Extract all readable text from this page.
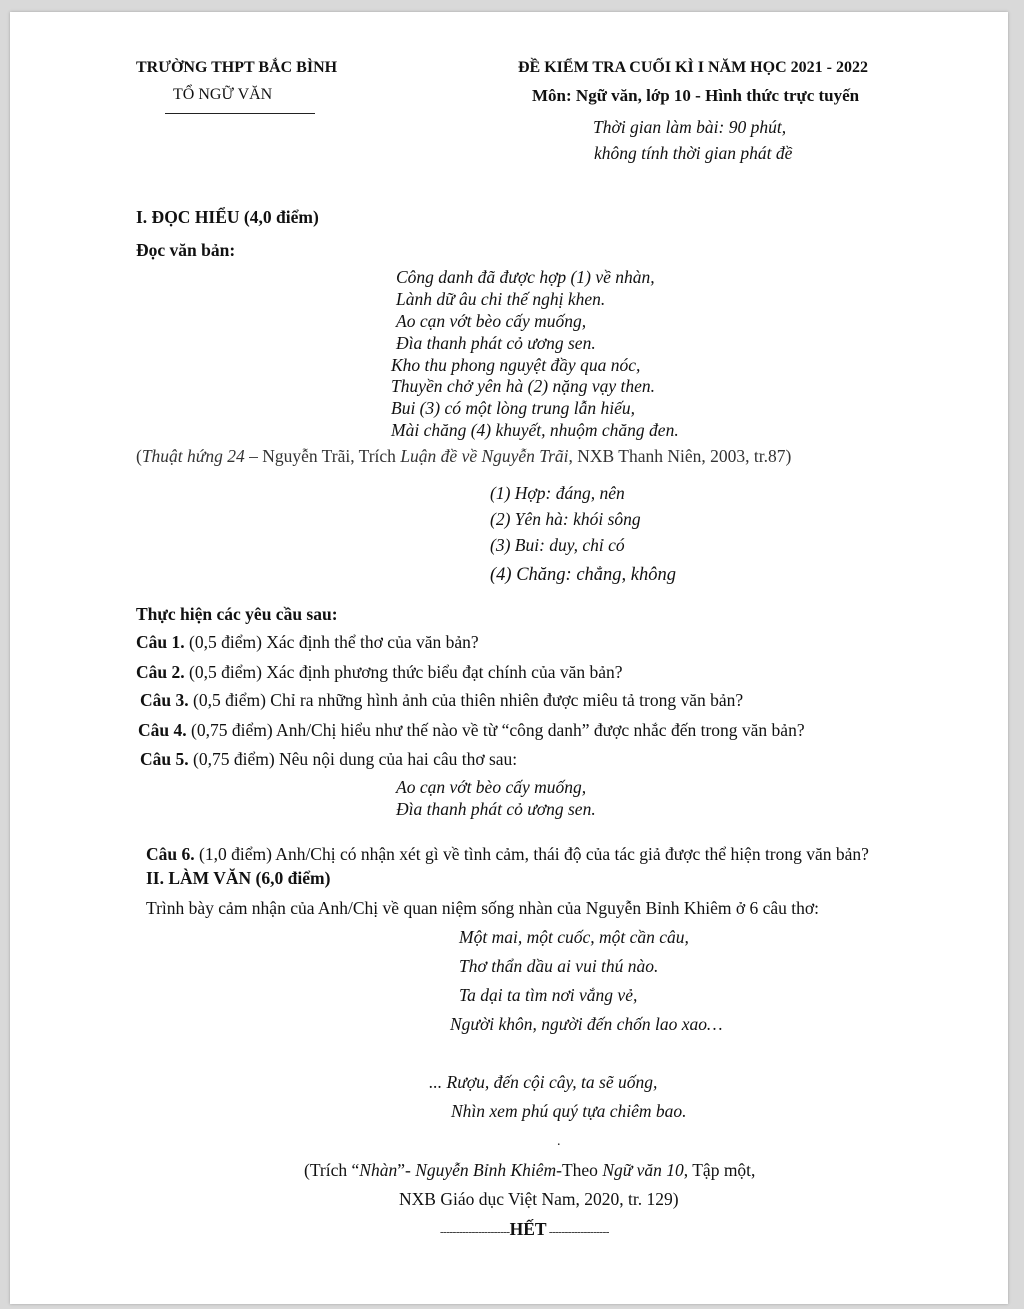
TRƯỜNG THPT BẮC BÌNH
TỔ NGỮ VĂN
ĐỀ KIỂM TRA CUỐI KÌ I NĂM HỌC 2021 - 2022
Môn: Ngữ văn, lớp 10 - Hình thức trực tuyến
Thời gian làm bài: 90 phút,
không tính thời gian phát đề
I. ĐỌC HIỂU (4,0 điểm)
Đọc văn bản:
Công danh đã được hợp (1) về nhàn,
Lành dữ âu chi thế nghị khen.
Ao cạn vớt bèo cấy muống,
Đìa thanh phát cỏ ương sen.
Kho thu phong nguyệt đầy qua nóc,
Thuyền chở yên hà (2) nặng vạy then.
Bui (3) có một lòng trung lẫn hiếu,
Mài chăng (4) khuyết, nhuộm chăng đen.
(Thuật hứng 24 – Nguyễn Trãi, Trích Luận đề về Nguyễn Trãi, NXB Thanh Niên, 2003, tr.87)
(1) Hợp: đáng, nên
(2) Yên hà: khói sông
(3) Bui: duy, chỉ có
(4) Chăng: chẳng, không
Thực hiện các yêu cầu sau:
Câu 1. (0,5 điểm) Xác định thể thơ của văn bản?
Câu 2. (0,5 điểm) Xác định phương thức biểu đạt chính của văn bản?
Câu 3. (0,5 điểm) Chỉ ra những hình ảnh của thiên nhiên được miêu tả trong văn bản?
Câu 4. (0,75 điểm) Anh/Chị hiểu như thế nào về từ “công danh” được nhắc đến trong văn bản?
Câu 5. (0,75 điểm) Nêu nội dung của hai câu thơ sau:
Ao cạn vớt bèo cấy muống,
Đìa thanh phát cỏ ương sen.
Câu 6. (1,0 điểm) Anh/Chị có nhận xét gì về tình cảm, thái độ của tác giả được thể hiện trong văn bản?
II. LÀM VĂN (6,0 điểm)
Trình bày cảm nhận của Anh/Chị về quan niệm sống nhàn của Nguyễn Bỉnh Khiêm ở 6 câu thơ:
Một mai, một cuốc, một cần câu,
Thơ thẩn dầu ai vui thú nào.
Ta dại ta tìm nơi vắng vẻ,
Người khôn, người đến chốn lao xao…
... Rượu, đến cội cây, ta sẽ uống,
Nhìn xem phú quý tựa chiêm bao.
.
(Trích “Nhàn”- Nguyễn Bỉnh Khiêm-Theo Ngữ văn 10, Tập một,
NXB Giáo dục Việt Nam, 2020, tr. 129)
----------------------HẾT -------------------
